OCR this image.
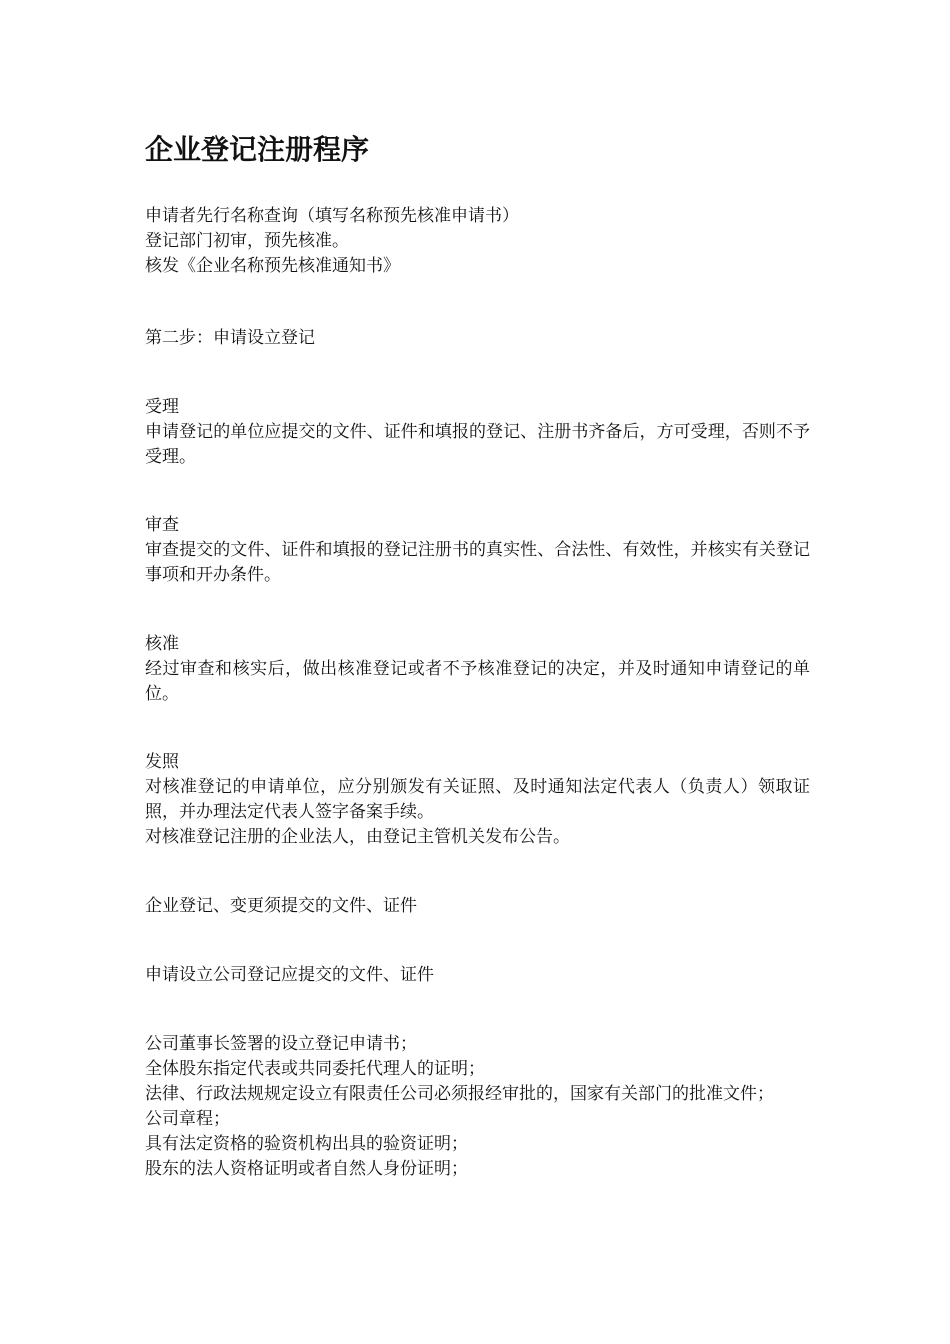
企业登记注册程序
申请者先行名称查询（填写名称预先核准申请书）
登记部门初审，预先核准。
核发《企业名称预先核准通知书》
第二步：申请设立登记
受理
申请登记的单位应提交的文件、证件和填报的登记、注册书齐备后，方可受理，否则不予受理。
审查
审查提交的文件、证件和填报的登记注册书的真实性、合法性、有效性，并核实有关登记事项和开办条件。
核准
经过审查和核实后，做出核准登记或者不予核准登记的决定，并及时通知申请登记的单位。
发照
对核准登记的申请单位，应分别颁发有关证照、及时通知法定代表人（负责人）领取证照，并办理法定代表人签字备案手续。
对核准登记注册的企业法人，由登记主管机关发布公告。
企业登记、变更须提交的文件、证件
申请设立公司登记应提交的文件、证件
公司董事长签署的设立登记申请书；
全体股东指定代表或共同委托代理人的证明；
法律、行政法规规定设立有限责任公司必须报经审批的，国家有关部门的批准文件；
公司章程；
具有法定资格的验资机构出具的验资证明；
股东的法人资格证明或者自然人身份证明；
